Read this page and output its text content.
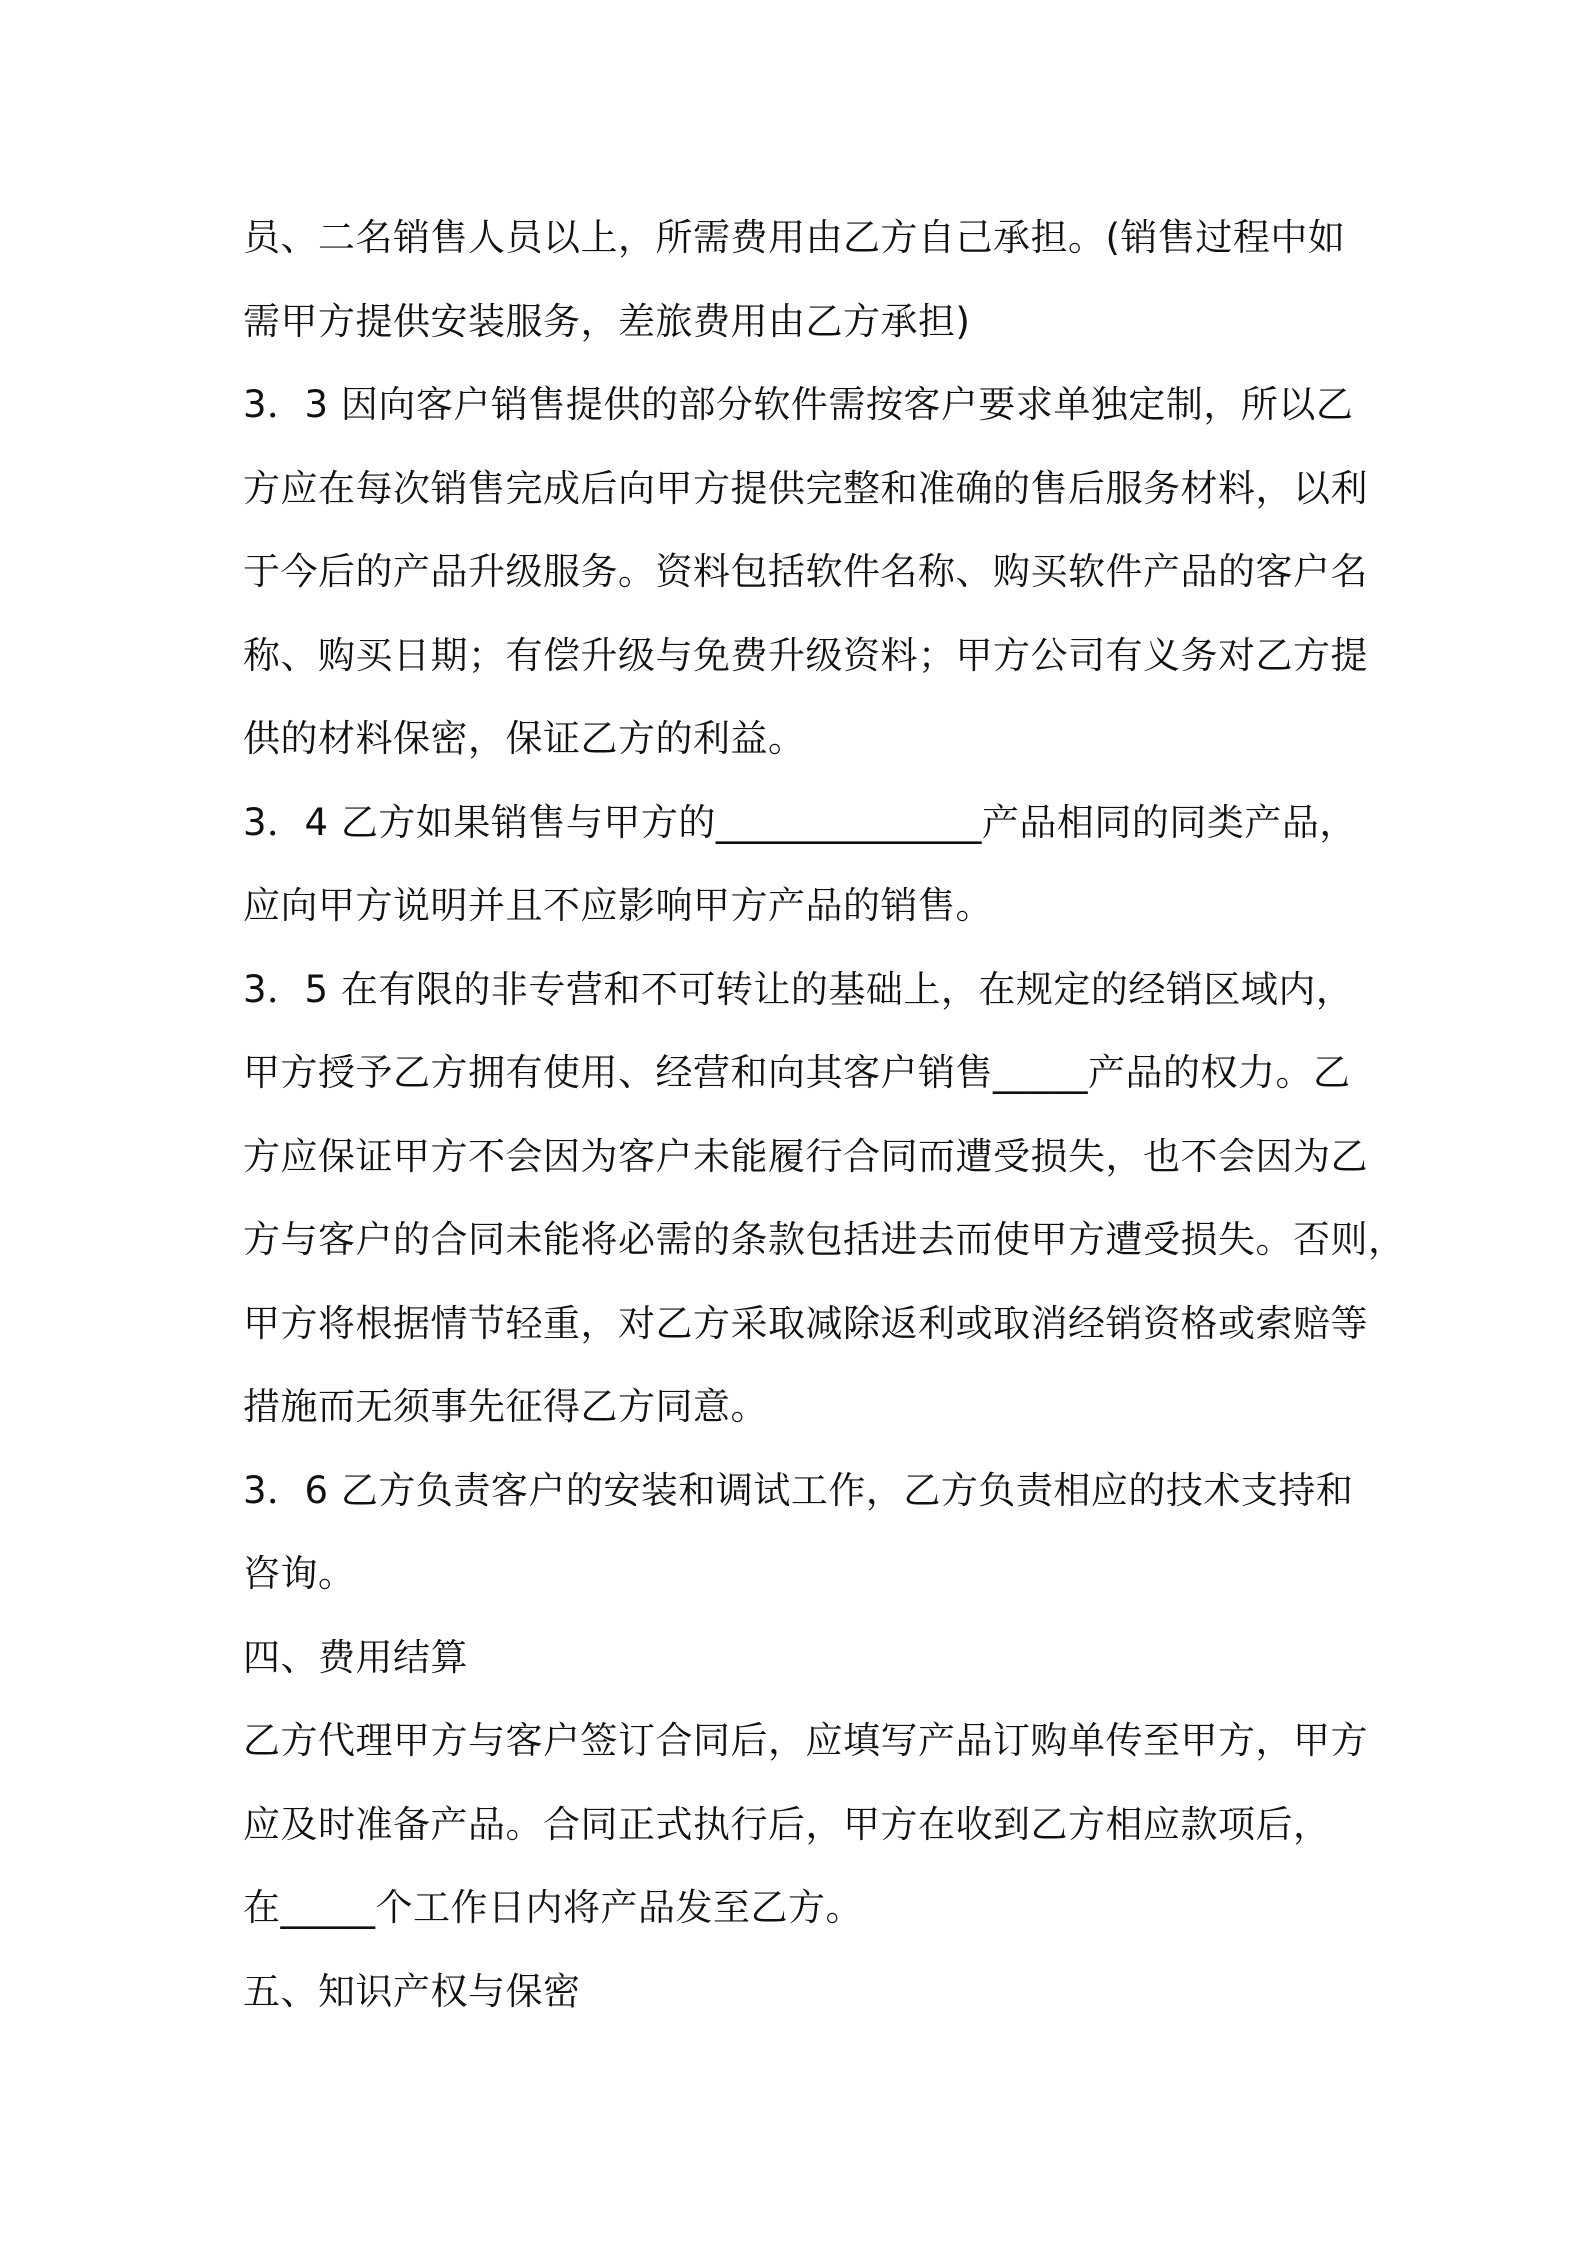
员、二名销售人员以上，所需费用由乙方自己承担。(销售过程中如
需甲方提供安装服务，差旅费用由乙方承担)
3．3 因向客户销售提供的部分软件需按客户要求单独定制，所以乙
方应在每次销售完成后向甲方提供完整和准确的售后服务材料，以利
于今后的产品升级服务。资料包括软件名称、购买软件产品的客户名
称、购买日期；有偿升级与免费升级资料；甲方公司有义务对乙方提
供的材料保密，保证乙方的利益。
3．4 乙方如果销售与甲方的______________产品相同的同类产品，
应向甲方说明并且不应影响甲方产品的销售。
3．5 在有限的非专营和不可转让的基础上，在规定的经销区域内，
甲方授予乙方拥有使用、经营和向其客户销售_____产品的权力。乙
方应保证甲方不会因为客户未能履行合同而遭受损失，也不会因为乙
方与客户的合同未能将必需的条款包括进去而使甲方遭受损失。否则，
甲方将根据情节轻重，对乙方采取减除返利或取消经销资格或索赔等
措施而无须事先征得乙方同意。
3．6 乙方负责客户的安装和调试工作，乙方负责相应的技术支持和
咨询。
四、费用结算
乙方代理甲方与客户签订合同后，应填写产品订购单传至甲方，甲方
应及时准备产品。合同正式执行后，甲方在收到乙方相应款项后，
在_____个工作日内将产品发至乙方。
五、知识产权与保密
